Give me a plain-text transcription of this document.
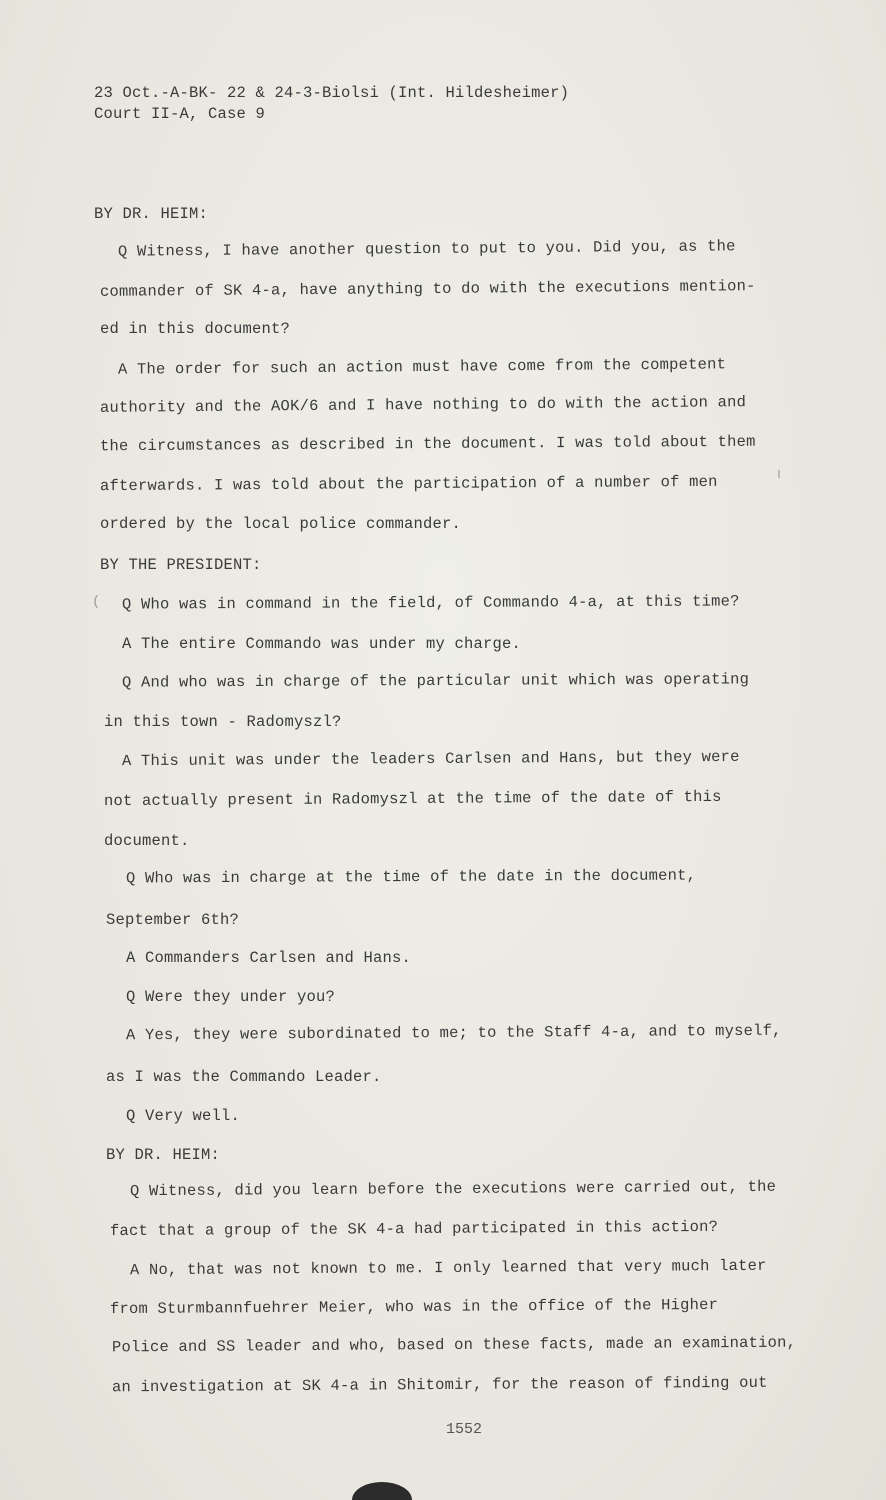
23 Oct.-A-BK- 22 & 24-3-Biolsi (Int. Hildesheimer)
Court II-A, Case 9
BY DR. HEIM:
Q Witness, I have another question to put to you. Did you, as the
commander of SK 4-a, have anything to do with the executions mention-
ed in this document?
A The order for such an action must have come from the competent
authority and the AOK/6 and I have nothing to do with the action and
the circumstances as described in the document. I was told about them
afterwards. I was told about the participation of a number of men
ordered by the local police commander.
BY THE PRESIDENT:
( Q Who was in command in the field, of Commando 4-a, at this time?
A The entire Commando was under my charge.
Q And who was in charge of the particular unit which was operating
in this town - Radomyszl?
A This unit was under the leaders Carlsen and Hans, but they were
not actually present in Radomyszl at the time of the date of this
document.
Q Who was in charge at the time of the date in the document,
September 6th?
A Commanders Carlsen and Hans.
Q Were they under you?
A Yes, they were subordinated to me; to the Staff 4-a, and to myself,
as I was the Commando Leader.
Q Very well.
BY DR. HEIM:
Q Witness, did you learn before the executions were carried out, the
fact that a group of the SK 4-a had participated in this action?
A No, that was not known to me. I only learned that very much later
from Sturmbannfuehrer Meier, who was in the office of the Higher
Police and SS leader and who, based on these facts, made an examination,
an investigation at SK 4-a in Shitomir, for the reason of finding out
1552
